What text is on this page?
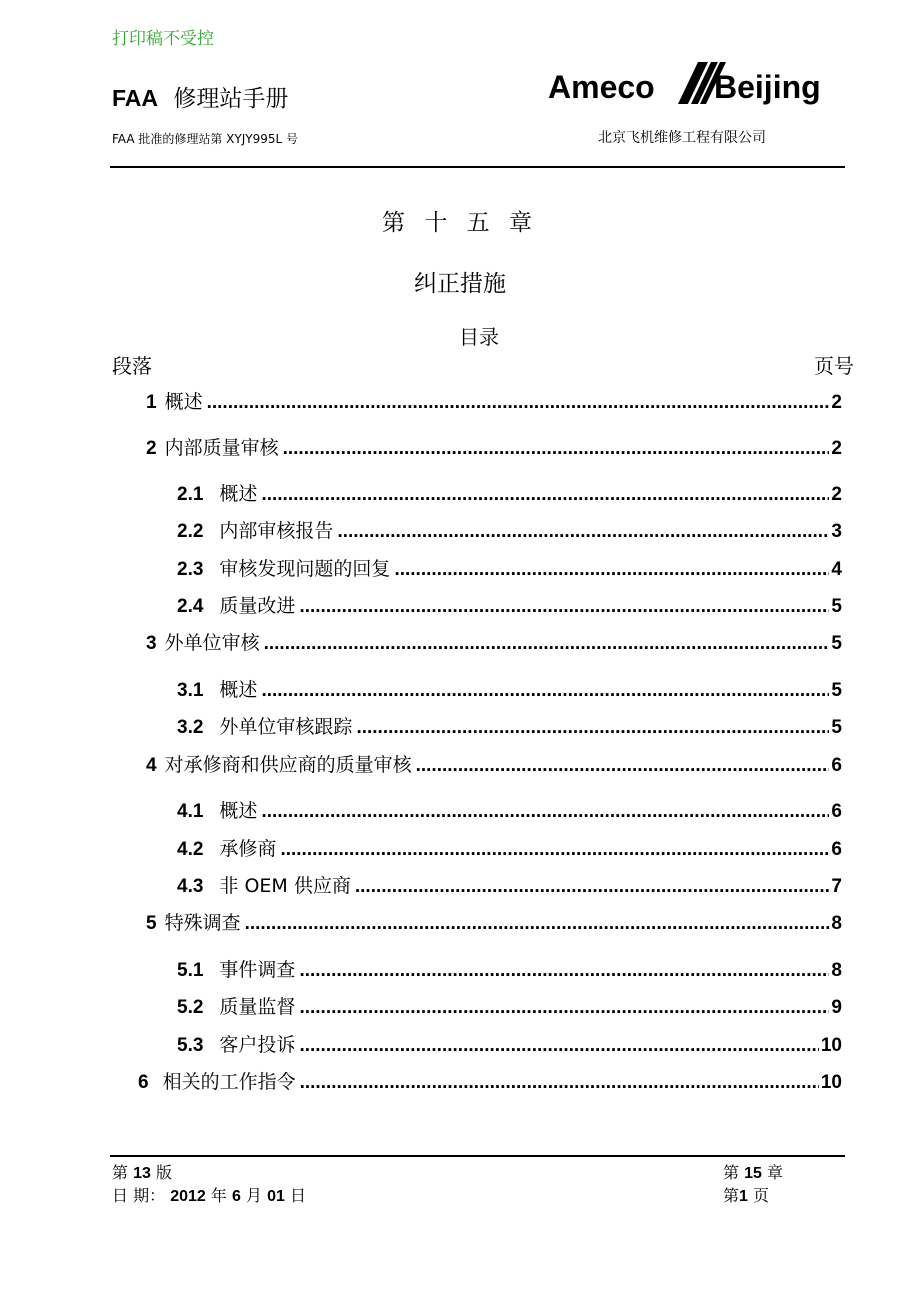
打印稿不受控
FAA 修理站手册
FAA 批准的修理站第 XYJY995L 号	北京飞机维修工程有限公司
Ameco Beijing
第 十 五 章
纠正措施
目录
段落	页号
1 概述 .....	2
2 内部质量审核 .....	2
2.1 概述 .....	2
2.2 内部审核报告 .....	3
2.3 审核发现问题的回复 .....	4
2.4 质量改进 .....	5
3 外单位审核 .....	5
3.1 概述 .....	5
3.2 外单位审核跟踪 .....	5
4 对承修商和供应商的质量审核 .....	6
4.1 概述 .....	6
4.2 承修商 .....	6
4.3 非 OEM 供应商 .....	7
5 特殊调查 .....	8
5.1 事件调查 .....	8
5.2 质量监督 .....	9
5.3 客户投诉 .....	10
6 相关的工作指令 .....	10
第 13 版
日 期： 2012 年 6 月 01 日
第 15 章
第1 页
